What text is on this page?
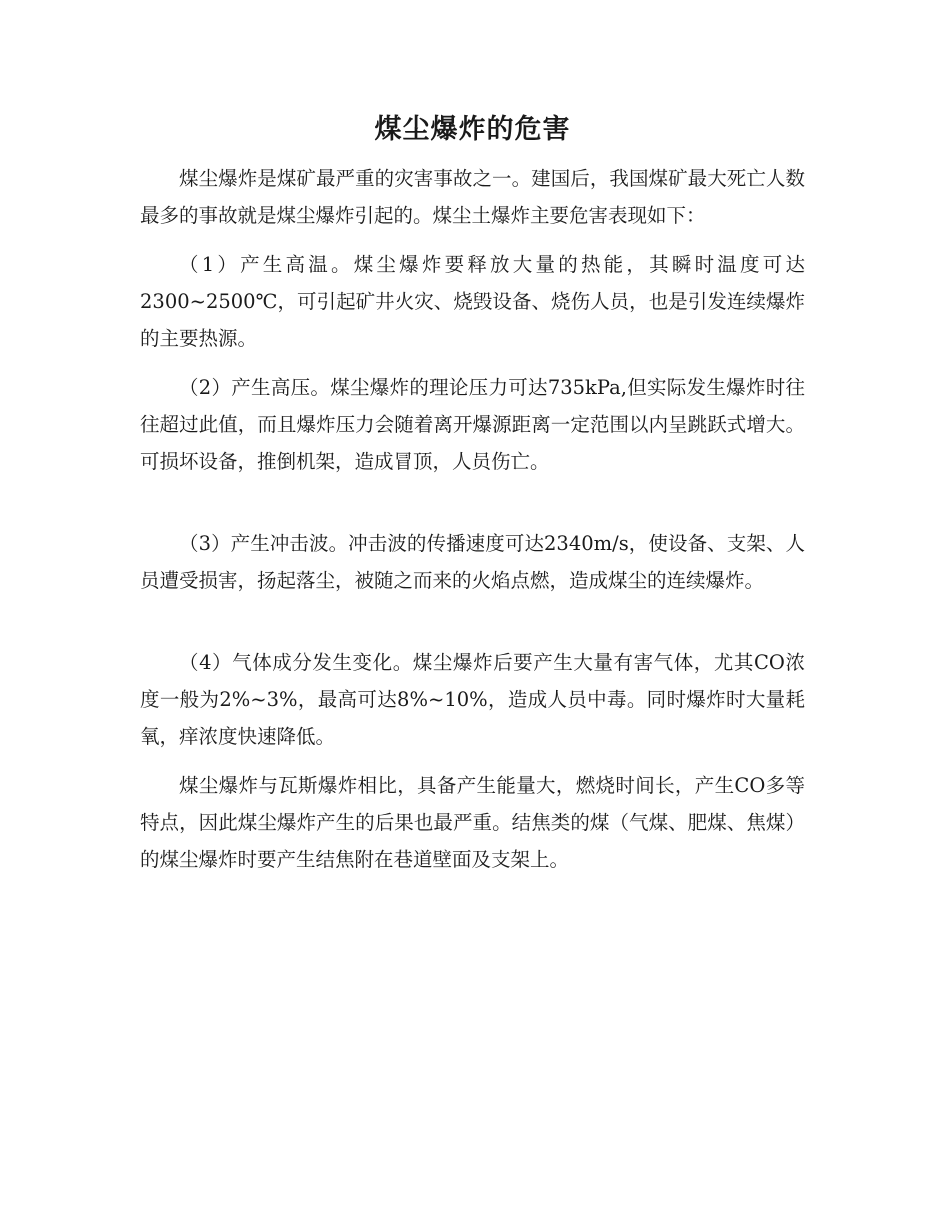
煤尘爆炸的危害

煤尘爆炸是煤矿最严重的灾害事故之一。建国后，我国煤矿最大死亡人数最多的事故就是煤尘爆炸引起的。煤尘土爆炸主要危害表现如下：

（1）产生高温。煤尘爆炸要释放大量的热能，其瞬时温度可达2300~2500℃，可引起矿井火灾、烧毁设备、烧伤人员，也是引发连续爆炸的主要热源。

（2）产生高压。煤尘爆炸的理论压力可达735kPa,但实际发生爆炸时往往超过此值，而且爆炸压力会随着离开爆源距离一定范围以内呈跳跃式增大。可损坏设备，推倒机架，造成冒顶，人员伤亡。

（3）产生冲击波。冲击波的传播速度可达2340m/s，使设备、支架、人员遭受损害，扬起落尘，被随之而来的火焰点燃，造成煤尘的连续爆炸。

（4）气体成分发生变化。煤尘爆炸后要产生大量有害气体，尤其CO浓度一般为2%~3%，最高可达8%~10%，造成人员中毒。同时爆炸时大量耗氧，痒浓度快速降低。

煤尘爆炸与瓦斯爆炸相比，具备产生能量大，燃烧时间长，产生CO多等特点，因此煤尘爆炸产生的后果也最严重。结焦类的煤（气煤、肥煤、焦煤）的煤尘爆炸时要产生结焦附在巷道壁面及支架上。
